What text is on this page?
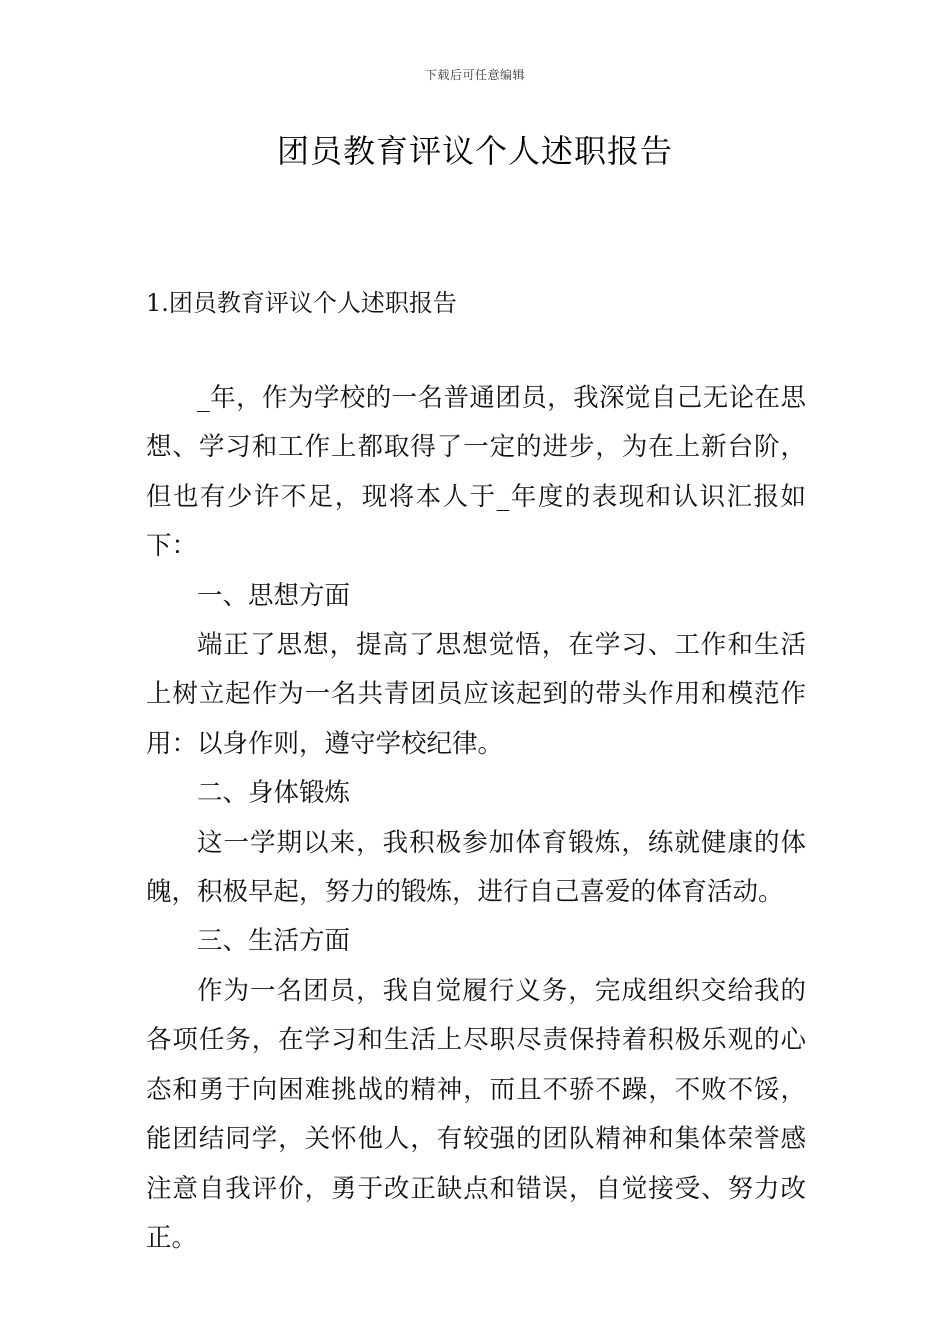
下载后可任意编辑
团员教育评议个人述职报告
1.团员教育评议个人述职报告

_年，作为学校的一名普通团员，我深觉自己无论在思想、学习和工作上都取得了一定的进步，为在上新台阶，但也有少许不足，现将本人于_年度的表现和认识汇报如下：

一、思想方面

端正了思想，提高了思想觉悟，在学习、工作和生活上树立起作为一名共青团员应该起到的带头作用和模范作用：以身作则，遵守学校纪律。

二、身体锻炼

这一学期以来，我积极参加体育锻炼，练就健康的体魄，积极早起，努力的锻炼，进行自己喜爱的体育活动。

三、生活方面

作为一名团员，我自觉履行义务，完成组织交给我的各项任务，在学习和生活上尽职尽责保持着积极乐观的心态和勇于向困难挑战的精神，而且不骄不躁，不败不馁，能团结同学，关怀他人，有较强的团队精神和集体荣誉感注意自我评价，勇于改正缺点和错误，自觉接受、努力改正。
